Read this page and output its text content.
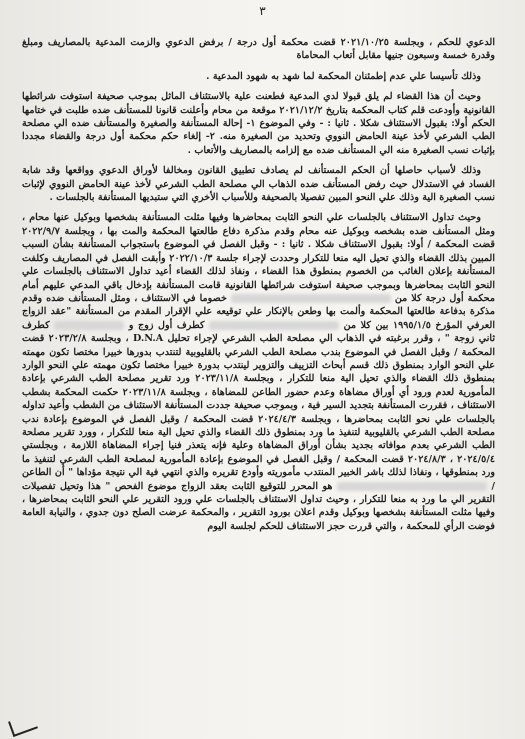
٣

الدعوي للحكم ، وبجلسة ٢٠٢١/١٠/٢٥ قضت محكمة أول درجة / برفض الدعوي والزمت المدعية بالمصاريف ومبلغ وقدرة خمسة وسبعون جنيها مقابل أتعاب المحاماة

وذلك تأسيسا علي عدم إطمئنان المحكمة لما شهد به شهود المدعية .

وحيث أن هذا القضاء لم يلق قبولا لدي المدعية فطعنت علية بالاستئناف الماثل بموجب صحيفة استوفت شرائطها القانونية وأودعت قلم كتاب المحكمة بتاريخ ٢٠٢١/١٢/٢ موقعة من محام وأعلنت قانونا للمستأنف ضده طلبت في ختامها الحكم أولا: بقبول الاستئناف شكلا . ثانيا : - وفي الموضوع ١- إحالة المستأنفة والصغيرة والمستأنف ضده الي مصلحة الطب الشرعي لأخذ عينة الحامض النووي وتحديد من الصغيرة منه. ٢- إلغاء حكم محكمة أول درجة والقضاء مجددا بإثبات نسب الصغيرة منه الي المستأنف ضده مع إلزامه بالمصاريف والأتعاب .

وذلك لأسباب حاصلها أن الحكم المستأنف لم يصادف تطبيق القانون ومخالفا لأوراق الدعوي وواقعها وقد شابة الفساد في الاستدلال حيث رفض المستأنف ضده الذهاب الي مصلحة الطب الشرعي لأخذ عينة الحامض النووي لإثبات نسب الصغيرة الية وذلك علي النحو المبين تفصيلا بالصحيفة وللأسباب الأخري التي ستبديها المستأنفة بالجلسات .

وحيث تداول الاستئناف بالجلسات علي النحو الثابت بمحاضرها وفيها مثلت المستأنفة بشخصها وبوكيل عنها محام ، ومثل المستأنف ضده بشخصه وبوكيل عنه محام وقدم مذكرة دفاع طالعتها المحكمة والمت بها ، وبجلسة ٢٠٢٢/٩/٧ قضت المحكمة / أولا: بقبول الاستئناف شكلا . ثانيا : - وقبل الفصل في الموضوع باستجواب المستأنفة بشأن السبب المبين بذلك القضاء والذي تحيل اليه منعا للتكرار وحددت لإجراء جلسة ٢٠٢٢/١٠/٣ وأبقت الفصل في المصاريف وكلفت المستأنفة بإعلان الغائب من الخصوم بمنطوق هذا القضاء ، ونفاذ لذلك القضاء أعيد تداول الاستئناف بالجلسات علي النحو الثابت بمحاضرها وبموجب صحيفة استوفت شرائطها القانونية قامت المستأنفة بإدخال باقي المدعي عليهم أمام محكمة أول درجة كلا من  خصوما في الاستئناف ، ومثل المستأنف ضده وقدم مذكرة بدفاعة طالعتها المحكمة وألمت بها وطعن بالإنكار علي توقيعه علي الإقرار المقدم من المستأنفة "عقد الزواج العرفي المؤرخ ١٩٩٥/١/٥ بين كلا من  كطرف أول زوج و  كطرف ثاني زوجة " ، وقرر برغبته في الذهاب الي مصلحة الطب الشرعي لإجراء تحليل D.N.A ، وبجلسة ٢٠٢٣/٢/٨ قضت المحكمة / وقبل الفصل في الموضوع بندب مصلحة الطب الشرعي بالقليوبية لتنتدب بدورها خبيرا مختصا تكون مهمته علي النحو الوارد بمنطوق ذلك قسم أبحاث التزييف والتزوير لينتدب بدورة خبيرا مختصا تكون مهمته علي النحو الوارد بمنطوق ذلك القضاء والذي تحيل الية منعا للتكرار ، وبجلسة ٢٠٢٣/١١/٨ ورد تقرير مصلحة الطب الشرعي بإعادة المأمورية لعدم ورود أي أوراق مضاهاة وعدم حضور الطاعن للمضاهاة ، وبجلسة ٢٠٢٣/١١/٨ حكمت المحكمة بشطب الاستئناف ، فقررت المستأنفة بتجديد السير فية ، وبموجب صحيفة جددت المستأنفة الاستئناف من الشطب وأعيد تداوله بالجلسات علي نحو الثابت بمحاضرها ، وبجلسة ٢٠٢٤/٤/٣ قضت المحكمة / وقبل الفصل في الموضوع بإعادة ندب مصلحة الطب الشرعي بالقليوبية لتنفيذ ما ورد بمنطوق ذلك القضاء والذي تحيل الية منعا للتكرار ، وورد تقرير مصلحة الطب الشرعي بعدم موافاته بجديد بشأن أوراق المضاهاة وعلية فإنه يتعذر فنيا إجراء المضاهاة اللازمة ، وبجلستي ٢٠٢٤/٥/٤ ، ٢٠٢٤/٨/٣ قضت المحكمة / وقبل الفصل في الموضوع بإعادة المأمورية لمصلحة الطب الشرعي لتنفيذ ما ورد بمنطوقها ، ونفاذا لذلك باشر الخبير المنتدب مأموريته وأودع تقريره والذي انتهي فية الي نتيجة مؤداها " أن الطاعن /  هو المحرر للتوقيع الثابت بعقد الزواج موضوع الفحص " هذا وتحيل تفصيلات التقرير الي ما ورد به منعا للتكرار ، وحيث تداول الاستئناف بالجلسات علي ورود التقرير علي النحو الثابت بمحاضرها ، وفيها مثلت المستأنفة بشخصها وبوكيل وقدم اعلان بورود التقرير ، والمحكمة عرضت الصلح دون جدوي ، والنيابة العامة فوضت الرأي للمحكمة ، والتي قررت حجز الاستئناف للحكم لجلسة اليوم
